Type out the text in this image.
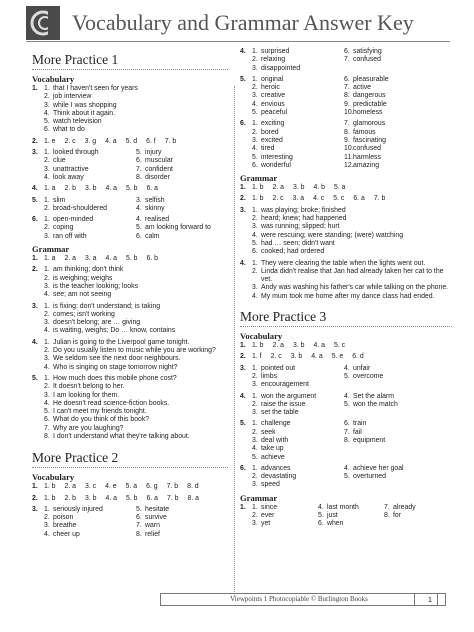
Vocabulary and Grammar Answer Key
More Practice 1
Vocabulary
1. 1. that I haven't seen for years
2. job interview
3. while I was shopping
4. Think about it again.
5. watch television
6. what to do
2. 1. e 2. c 3. g 4. a 5. d 6. f 7. b
3. 1. looked through	5. injury
2. clue	6. muscular
3. unattractive	7. confident
4. look away	8. disorder
4. 1. a 2. b 3. b 4. a 5. b 6. a
5. 1. slim	3. selfish
2. broad-shouldered	4. skinny
6. 1. open-minded	4. realised
2. coping	5. am looking forward to
3. ran off with	6. calm
Grammar
1. 1. a 2. a 3. a 4. a 5. b 6. b
2. 1. am thinking; don't think
2. is weighing; weighs
3. is the teacher looking; looks
4. see; am not seeing
3. 1. is fixing; don't understand; is taking
2. comes; isn't working
3. doesn't belong; are … giving
4. is waiting, weighs; Do … know, contains
4. 1. Julian is going to the Liverpool game tonight.
2. Do you usually listen to music while you are working?
3. We seldom see the next door neighbours.
4. Who is singing on stage tomorrow night?
5. 1. How much does this mobile phone cost?
2. It doesn't belong to her.
3. I am looking for them.
4. He doesn't read science-fiction books.
5. I can't meet my friends tonight.
6. What do you think of this book?
7. Why are you laughing?
8. I don't understand what they're talking about.
More Practice 2
Vocabulary
1. 1. b 2. a 3. c 4. e 5. a 6. g 7. b 8. d
2. 1. b 2. b 3. b 4. a 5. b 6. a 7. b 8. a
3. 1. seriously injured	5. hesitate
2. poison	6. survive
3. breathe	7. warn
4. cheer up	8. relief
4. 1. surprised	6. satisfying
2. relaxing	7. confused
3. disappointed
5. 1. original	6. pleasurable
2. heroic	7. active
3. creative	8. dangerous
4. envious	9. predictable
5. peaceful	10. homeless
6. 1. exciting	7. glamorous
2. bored	8. famous
3. excited	9. fascinating
4. tired	10. confused
5. interesting	11. harmless
6. wonderful	12. amazing
Grammar
1. 1. b 2. a 3. b 4. b 5. a
2. 1. b 2. c 3. a 4. c 5. c 6. a 7. b
3. 1. was playing; broke; finished
2. heard; knew; had happened
3. was running; slipped; hurt
4. were rescuing; were standing; (were) watching
5. had … seen; didn't want
6. cooked; had ordered
4. 1. They were clearing the table when the lights went out.
2. Linda didn't realise that Jan had already taken her cat to the vet.
3. Andy was washing his father's car while talking on the phone.
4. My mum took me home after my dance class had ended.
More Practice 3
Vocabulary
1. 1. b 2. a 3. b 4. a 5. c
2. 1. f 2. c 3. b 4. a 5. e 6. d
3. 1. pointed out	4. unfair
2. limbs	5. overcome
3. encouragement
4. 1. won the argument	4. Set the alarm
2. raise the issue	5. won the match
3. set the table
5. 1. challenge	6. train
2. seek	7. fail
3. deal with	8. equipment
4. take up
5. achieve
6. 1. advances	4. achieve her goal
2. devastating	5. overturned
3. speed
Grammar
1. 1. since	4. last month	7. already
2. ever	5. just	8. for
3. yet	6. when
Viewpoints 1 Photocopiable © Burlington Books	1
